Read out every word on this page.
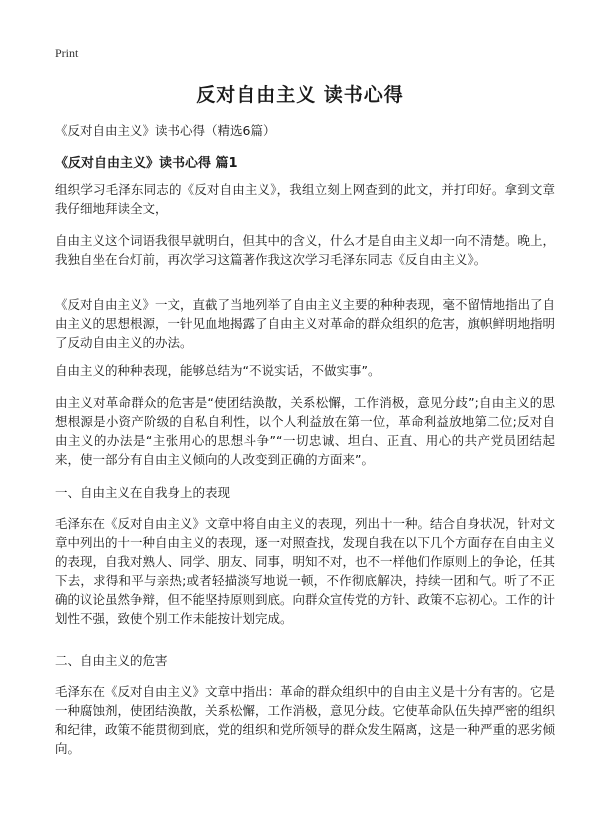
Print
反对自由主义 读书心得
《反对自由主义》读书心得（精选6篇）
《反对自由主义》读书心得 篇1

组织学习毛泽东同志的《反对自由主义》，我组立刻上网查到的此文，并打印好。拿到文章我仔细地拜读全文，

自由主义这个词语我很早就明白，但其中的含义，什么才是自由主义却一向不清楚。晚上，我独自坐在台灯前，再次学习这篇著作我这次学习毛泽东同志《反自由主义》。

《反对自由主义》一文，直截了当地列举了自由主义主要的种种表现，毫不留情地指出了自由主义的思想根源，一针见血地揭露了自由主义对革命的群众组织的危害，旗帜鲜明地指明了反动自由主义的办法。

自由主义的种种表现，能够总结为“不说实话，不做实事”。

由主义对革命群众的危害是“使团结涣散，关系松懈，工作消极，意见分歧”;自由主义的思想根源是小资产阶级的自私自利性，以个人利益放在第一位，革命利益放地第二位;反对自由主义的办法是“主张用心的思想斗争”“一切忠诚、坦白、正直、用心的共产党员团结起来，使一部分有自由主义倾向的人改变到正确的方面来”。

一、自由主义在自我身上的表现

毛泽东在《反对自由主义》文章中将自由主义的表现，列出十一种。结合自身状况，针对文章中列出的十一种自由主义的表现，逐一对照查找，发现自我在以下几个方面存在自由主义的表现，自我对熟人、同学、朋友、同事，明知不对，也不一样他们作原则上的争论，任其下去，求得和平与亲热;或者轻描淡写地说一顿，不作彻底解决，持续一团和气。听了不正确的议论虽然争辩，但不能坚持原则到底。向群众宣传党的方针、政策不忘初心。工作的计划性不强，致使个别工作未能按计划完成。

二、自由主义的危害

毛泽东在《反对自由主义》文章中指出：革命的群众组织中的自由主义是十分有害的。它是一种腐蚀剂，使团结涣散，关系松懈，工作消极，意见分歧。它使革命队伍失掉严密的组织和纪律，政策不能贯彻到底，党的组织和党所领导的群众发生隔离，这是一种严重的恶劣倾向。
